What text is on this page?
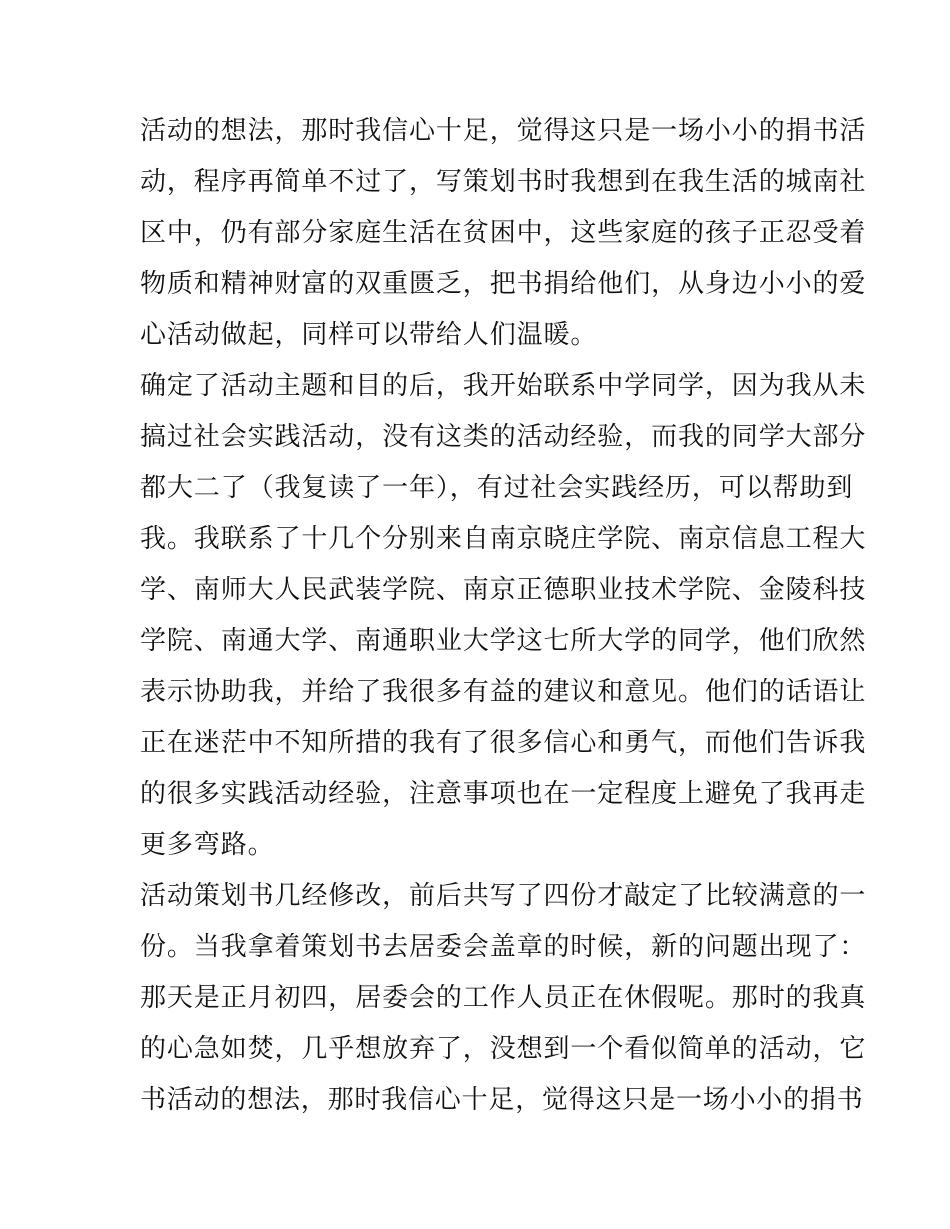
活动的想法，那时我信心十足，觉得这只是一场小小的捐书活
动，程序再简单不过了，写策划书时我想到在我生活的城南社
区中，仍有部分家庭生活在贫困中，这些家庭的孩子正忍受着
物质和精神财富的双重匮乏，把书捐给他们，从身边小小的爱
心活动做起，同样可以带给人们温暖。
确定了活动主题和目的后，我开始联系中学同学，因为我从未
搞过社会实践活动，没有这类的活动经验，而我的同学大部分
都大二了（我复读了一年），有过社会实践经历，可以帮助到
我。我联系了十几个分别来自南京晓庄学院、南京信息工程大
学、南师大人民武装学院、南京正德职业技术学院、金陵科技
学院、南通大学、南通职业大学这七所大学的同学，他们欣然
表示协助我，并给了我很多有益的建议和意见。他们的话语让
正在迷茫中不知所措的我有了很多信心和勇气，而他们告诉我
的很多实践活动经验，注意事项也在一定程度上避免了我再走
更多弯路。
活动策划书几经修改，前后共写了四份才敲定了比较满意的一
份。当我拿着策划书去居委会盖章的时候，新的问题出现了：
那天是正月初四，居委会的工作人员正在休假呢。那时的我真
的心急如焚，几乎想放弃了，没想到一个看似简单的活动，它
书活动的想法，那时我信心十足，觉得这只是一场小小的捐书
